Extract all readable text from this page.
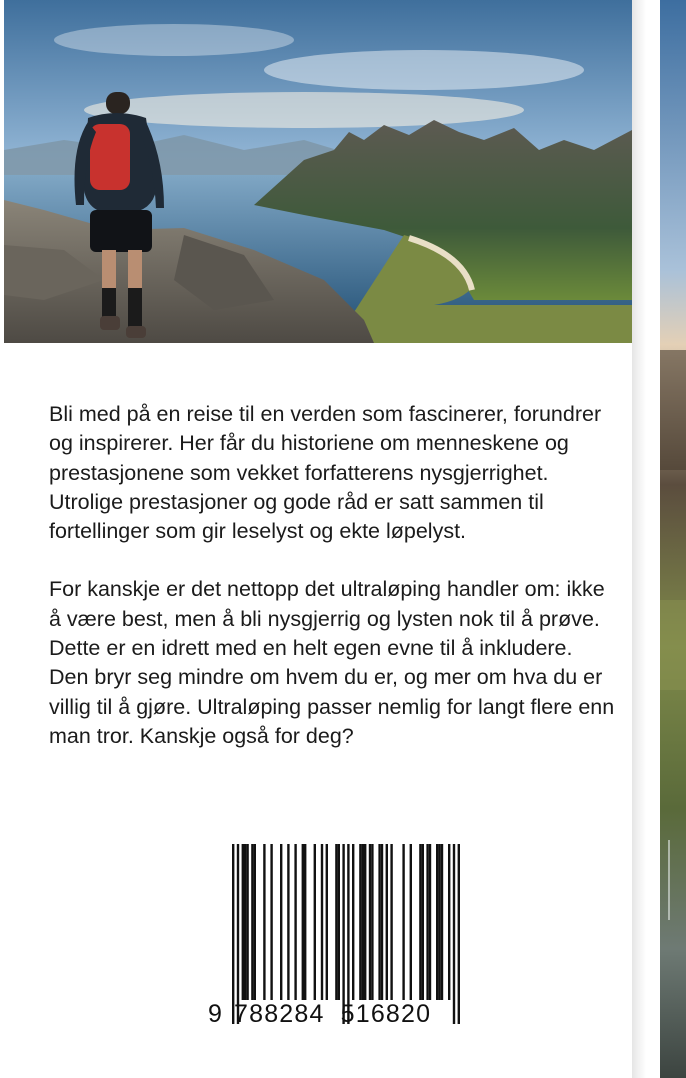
Bli med på en reise til en verden som fascinerer, forundrer
og inspirerer. Her får du historiene om menneskene og
prestasjonene som vekket forfatterens nysgjerrighet.
Utrolige prestasjoner og gode råd er satt sammen til
fortellinger som gir leselyst og ekte løpelyst.

For kanskje er det nettopp det ultraløping handler om: ikke
å være best, men å bli nysgjerrig og lysten nok til å prøve.
Dette er en idrett med en helt egen evne til å inkludere.
Den bryr seg mindre om hvem du er, og mer om hva du er
villig til å gjøre. Ultraløping passer nemlig for langt flere enn
man tror. Kanskje også for deg?

9 788284 516820
